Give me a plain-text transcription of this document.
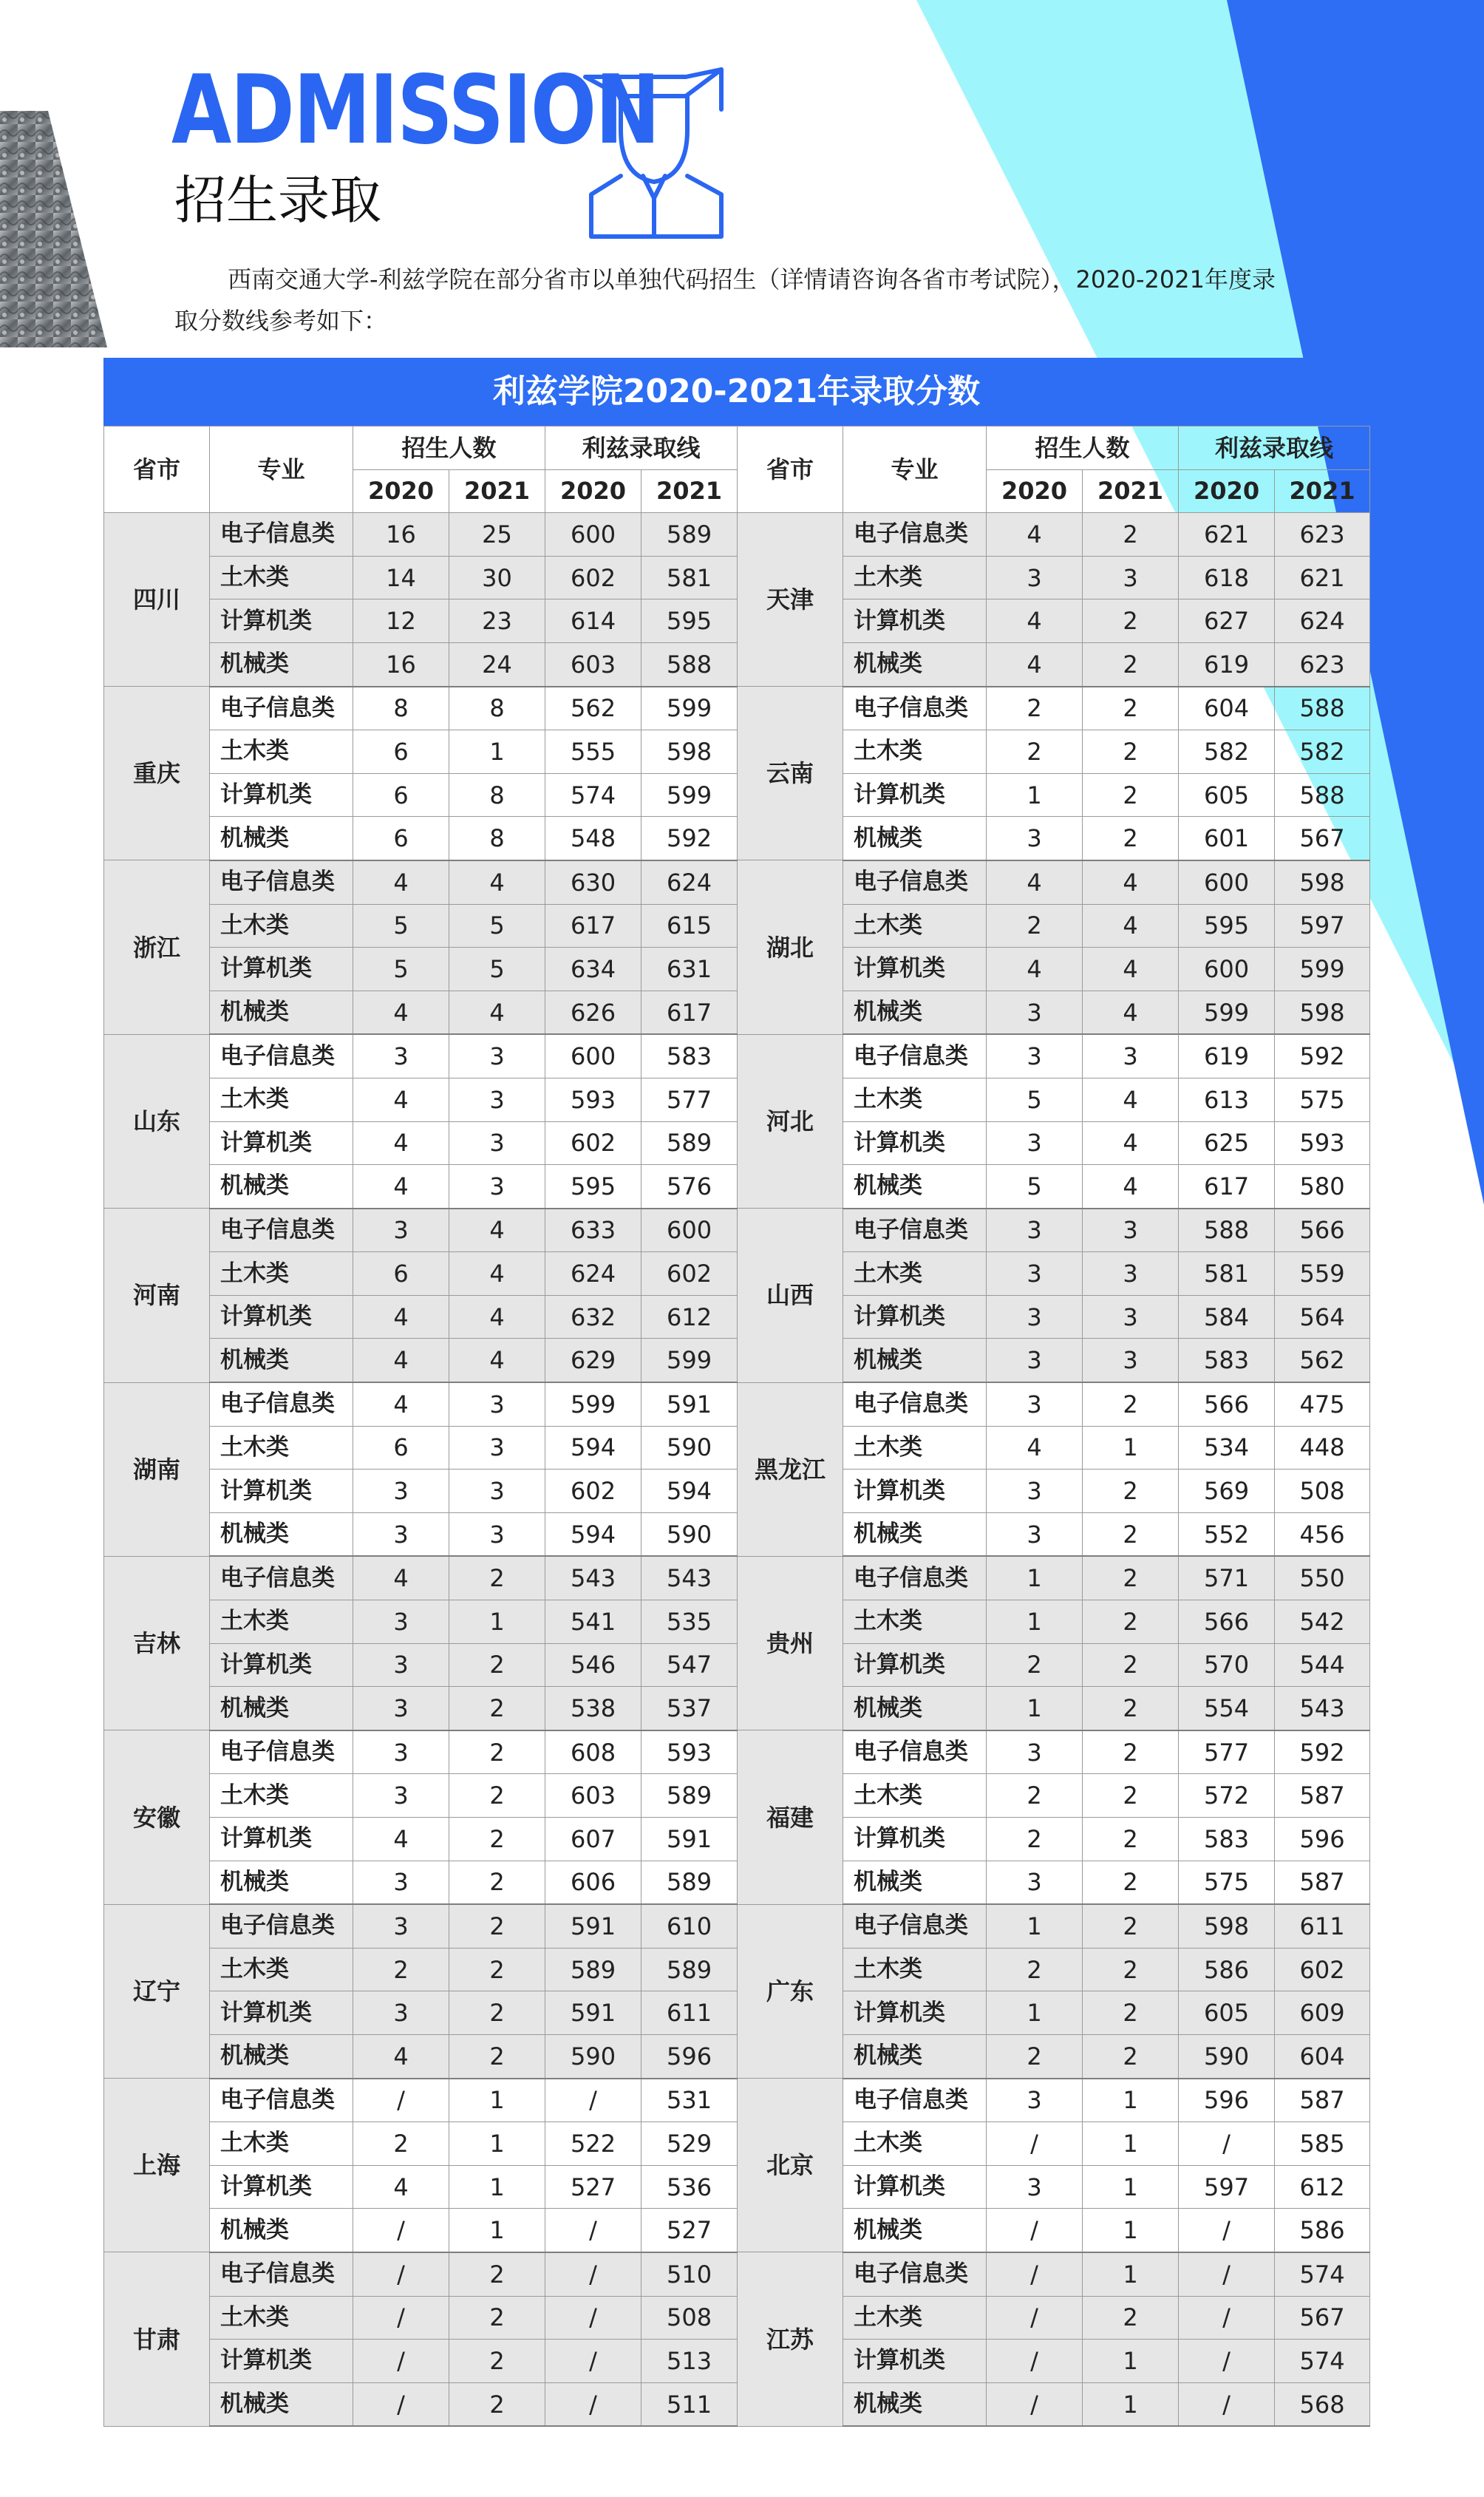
ADMISSION
招生录取
西南交通大学-利兹学院在部分省市以单独代码招生（详情请咨询各省市考试院），2020-2021年度录取分数线参考如下：
利兹学院2020-2021年录取分数
省市	专业	招生人数		利兹录取线		省市	专业	招生人数		利兹录取线	
		2020	2021	2020	2021			2020	2021	2020	2021
四川	电子信息类	16	25	600	589	天津	电子信息类	4	2	621	623
	土木类	14	30	602	581		土木类	3	3	618	621
	计算机类	12	23	614	595		计算机类	4	2	627	624
	机械类	16	24	603	588		机械类	4	2	619	623
重庆	电子信息类	8	8	562	599	云南	电子信息类	2	2	604	588
	土木类	6	1	555	598		土木类	2	2	582	582
	计算机类	6	8	574	599		计算机类	1	2	605	588
	机械类	6	8	548	592		机械类	3	2	601	567
浙江	电子信息类	4	4	630	624	湖北	电子信息类	4	4	600	598
	土木类	5	5	617	615		土木类	2	4	595	597
	计算机类	5	5	634	631		计算机类	4	4	600	599
	机械类	4	4	626	617		机械类	3	4	599	598
山东	电子信息类	3	3	600	583	河北	电子信息类	3	3	619	592
	土木类	4	3	593	577		土木类	5	4	613	575
	计算机类	4	3	602	589		计算机类	3	4	625	593
	机械类	4	3	595	576		机械类	5	4	617	580
河南	电子信息类	3	4	633	600	山西	电子信息类	3	3	588	566
	土木类	6	4	624	602		土木类	3	3	581	559
	计算机类	4	4	632	612		计算机类	3	3	584	564
	机械类	4	4	629	599		机械类	3	3	583	562
湖南	电子信息类	4	3	599	591	黑龙江	电子信息类	3	2	566	475
	土木类	6	3	594	590		土木类	4	1	534	448
	计算机类	3	3	602	594		计算机类	3	2	569	508
	机械类	3	3	594	590		机械类	3	2	552	456
吉林	电子信息类	4	2	543	543	贵州	电子信息类	1	2	571	550
	土木类	3	1	541	535		土木类	1	2	566	542
	计算机类	3	2	546	547		计算机类	2	2	570	544
	机械类	3	2	538	537		机械类	1	2	554	543
安徽	电子信息类	3	2	608	593	福建	电子信息类	3	2	577	592
	土木类	3	2	603	589		土木类	2	2	572	587
	计算机类	4	2	607	591		计算机类	2	2	583	596
	机械类	3	2	606	589		机械类	3	2	575	587
辽宁	电子信息类	3	2	591	610	广东	电子信息类	1	2	598	611
	土木类	2	2	589	589		土木类	2	2	586	602
	计算机类	3	2	591	611		计算机类	1	2	605	609
	机械类	4	2	590	596		机械类	2	2	590	604
上海	电子信息类	/	1	/	531	北京	电子信息类	3	1	596	587
	土木类	2	1	522	529		土木类	/	1	/	585
	计算机类	4	1	527	536		计算机类	3	1	597	612
	机械类	/	1	/	527		机械类	/	1	/	586
甘肃	电子信息类	/	2	/	510	江苏	电子信息类	/	1	/	574
	土木类	/	2	/	508		土木类	/	2	/	567
	计算机类	/	2	/	513		计算机类	/	1	/	574
	机械类	/	2	/	511		机械类	/	1	/	568
